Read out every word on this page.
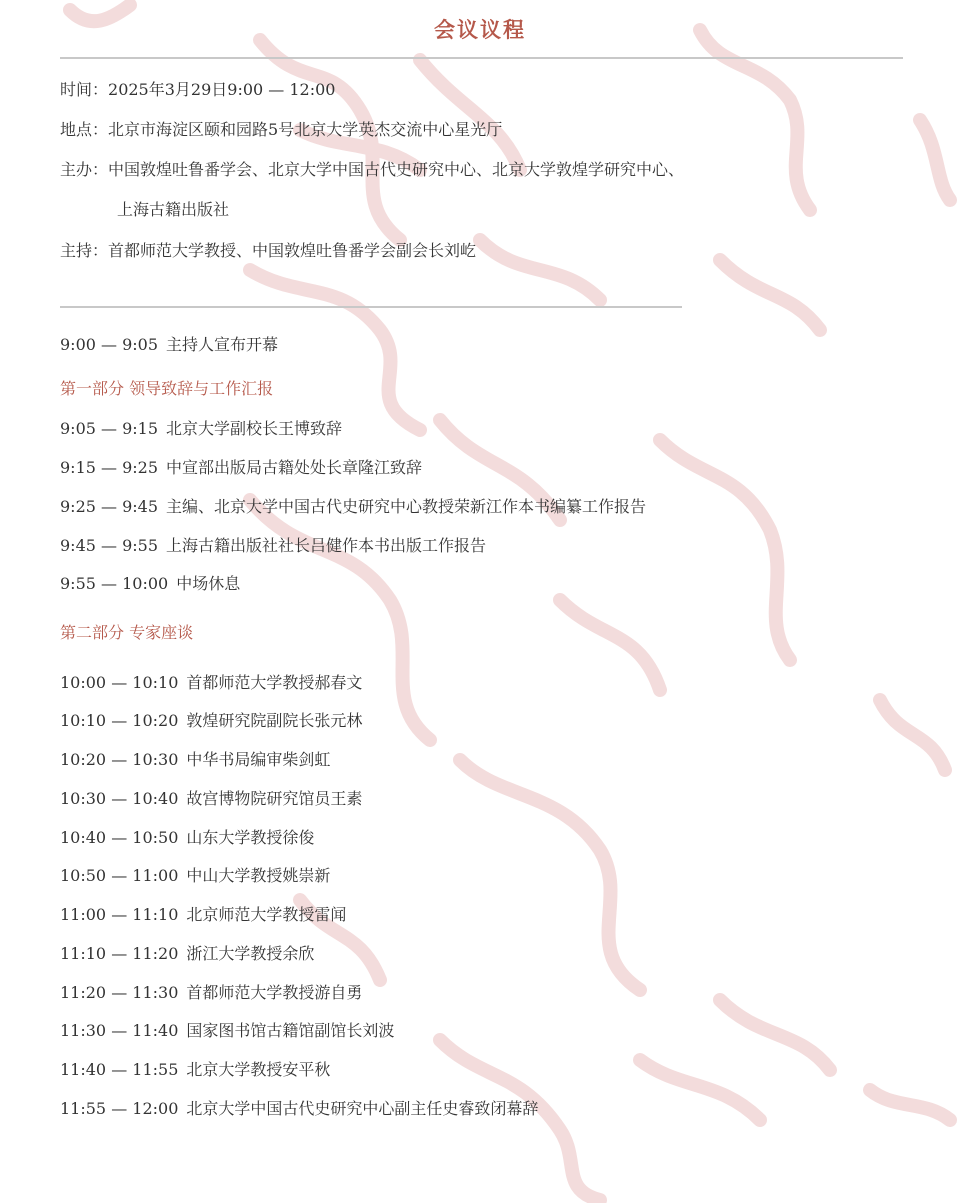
会议议程
时间：2025年3月29日9:00 — 12:00
地点：北京市海淀区颐和园路5号北京大学英杰交流中心星光厅
主办：中国敦煌吐鲁番学会、北京大学中国古代史研究中心、北京大学敦煌学研究中心、
上海古籍出版社
主持：首都师范大学教授、中国敦煌吐鲁番学会副会长刘屹
9:00 — 9:05 主持人宣布开幕
第一部分 领导致辞与工作汇报
9:05 — 9:15 北京大学副校长王博致辞
9:15 — 9:25 中宣部出版局古籍处处长章隆江致辞
9:25 — 9:45 主编、北京大学中国古代史研究中心教授荣新江作本书编纂工作报告
9:45 — 9:55 上海古籍出版社社长吕健作本书出版工作报告
9:55 — 10:00 中场休息
第二部分 专家座谈
10:00 — 10:10 首都师范大学教授郝春文
10:10 — 10:20 敦煌研究院副院长张元林
10:20 — 10:30 中华书局编审柴剑虹
10:30 — 10:40 故宫博物院研究馆员王素
10:40 — 10:50 山东大学教授徐俊
10:50 — 11:00 中山大学教授姚崇新
11:00 — 11:10 北京师范大学教授雷闻
11:10 — 11:20 浙江大学教授余欣
11:20 — 11:30 首都师范大学教授游自勇
11:30 — 11:40 国家图书馆古籍馆副馆长刘波
11:40 — 11:55 北京大学教授安平秋
11:55 — 12:00 北京大学中国古代史研究中心副主任史睿致闭幕辞
